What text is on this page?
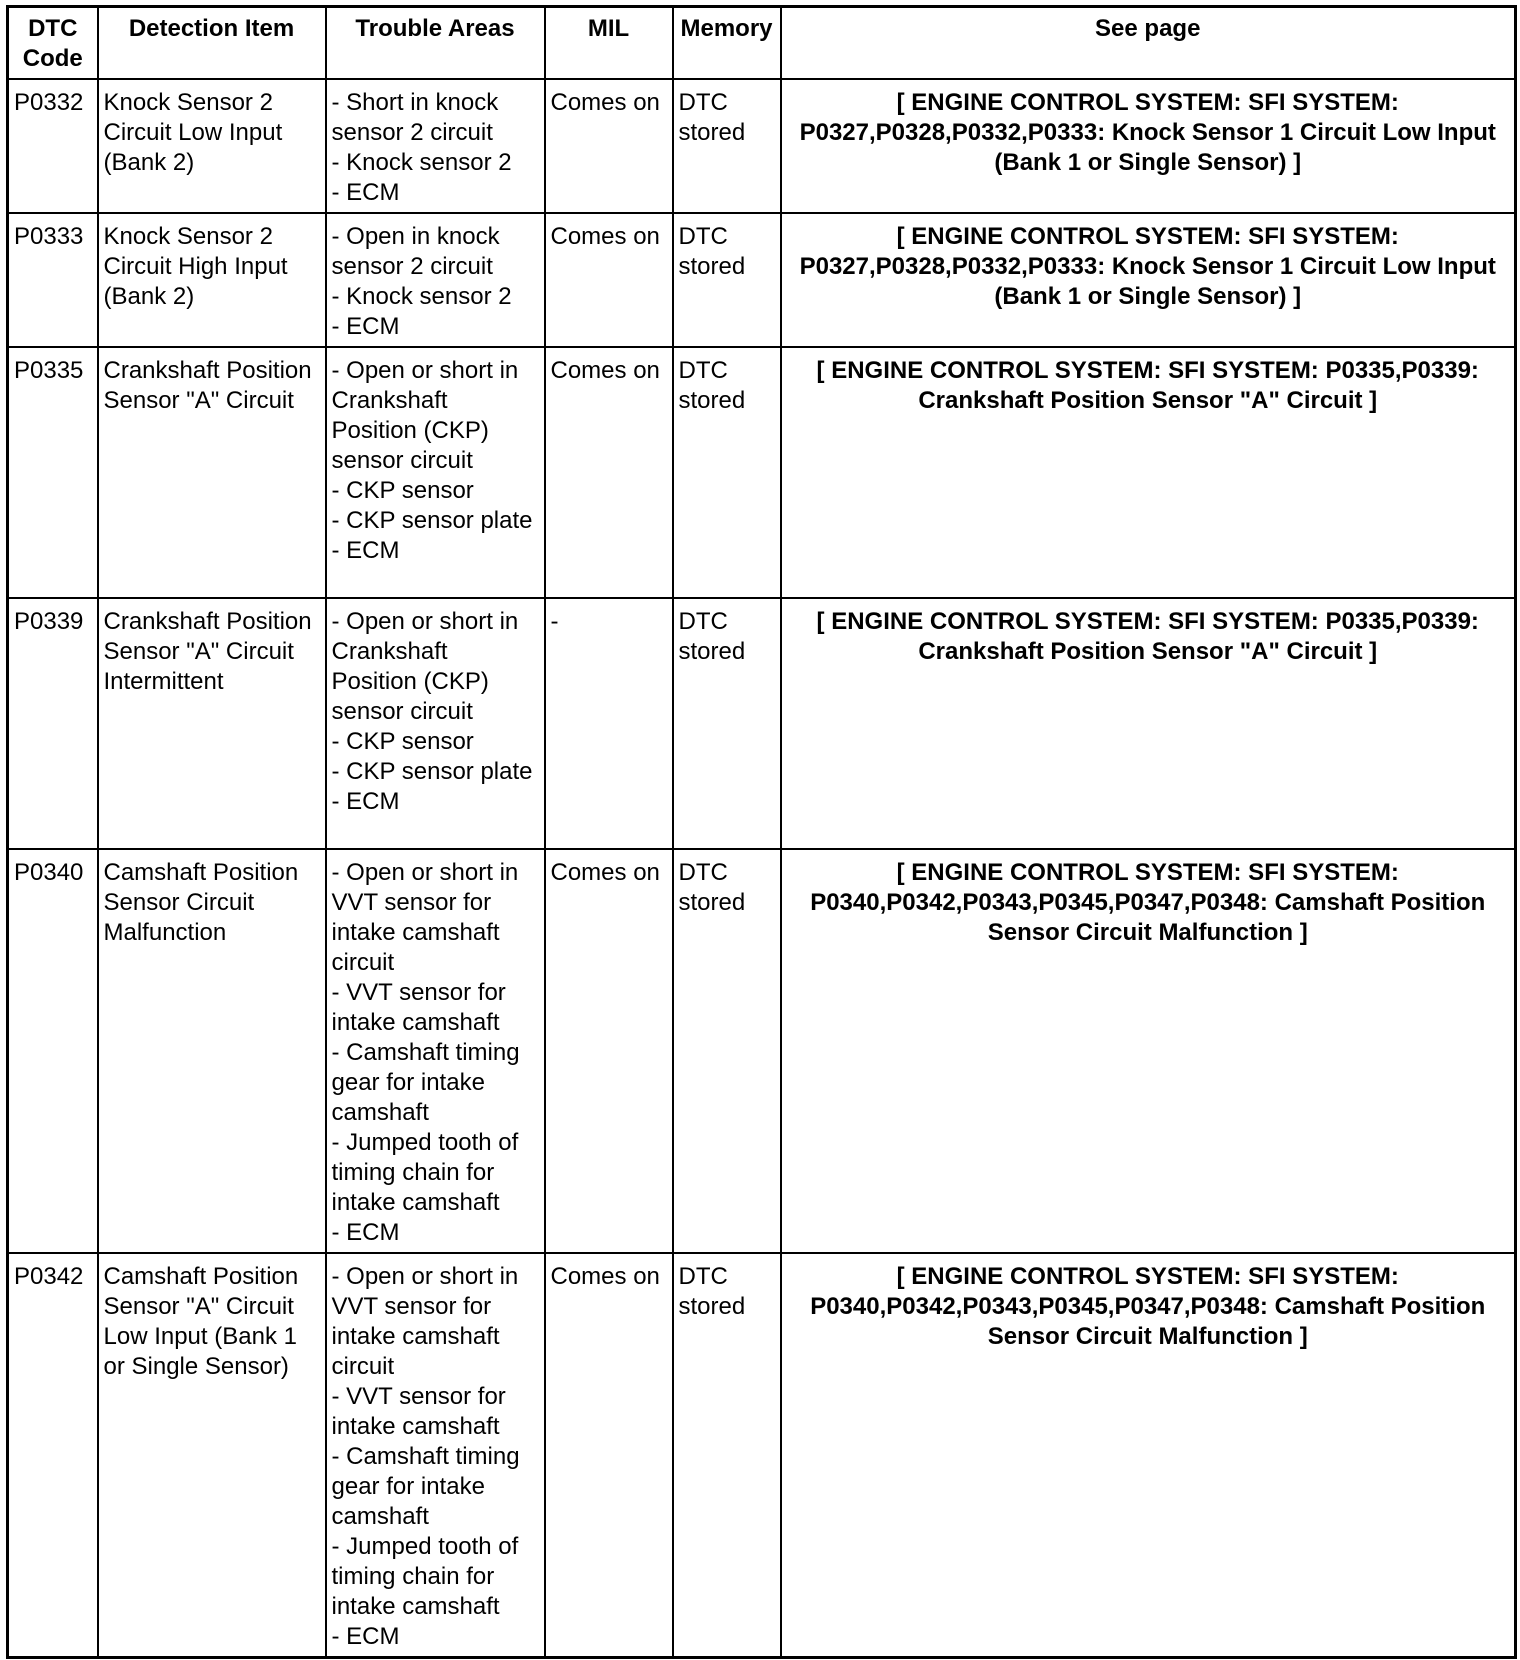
DTC
Code	Detection Item	Trouble Areas	MIL	Memory	See page
P0332	Knock Sensor 2 Circuit Low Input (Bank 2)	- Short in knock sensor 2 circuit
- Knock sensor 2
- ECM	Comes on	DTC stored	[ ENGINE CONTROL SYSTEM: SFI SYSTEM: P0327,P0328,P0332,P0333: Knock Sensor 1 Circuit Low Input (Bank 1 or Single Sensor) ]
P0333	Knock Sensor 2 Circuit High Input (Bank 2)	- Open in knock sensor 2 circuit
- Knock sensor 2
- ECM	Comes on	DTC stored	[ ENGINE CONTROL SYSTEM: SFI SYSTEM: P0327,P0328,P0332,P0333: Knock Sensor 1 Circuit Low Input (Bank 1 or Single Sensor) ]
P0335	Crankshaft Position Sensor "A" Circuit	- Open or short in Crankshaft Position (CKP) sensor circuit
- CKP sensor
- CKP sensor plate
- ECM	Comes on	DTC stored	[ ENGINE CONTROL SYSTEM: SFI SYSTEM: P0335,P0339: Crankshaft Position Sensor "A" Circuit ]
P0339	Crankshaft Position Sensor "A" Circuit Intermittent	- Open or short in Crankshaft Position (CKP) sensor circuit
- CKP sensor
- CKP sensor plate
- ECM	-	DTC stored	[ ENGINE CONTROL SYSTEM: SFI SYSTEM: P0335,P0339: Crankshaft Position Sensor "A" Circuit ]
P0340	Camshaft Position Sensor Circuit Malfunction	- Open or short in VVT sensor for intake camshaft circuit
- VVT sensor for intake camshaft
- Camshaft timing gear for intake camshaft
- Jumped tooth of timing chain for intake camshaft
- ECM	Comes on	DTC stored	[ ENGINE CONTROL SYSTEM: SFI SYSTEM: P0340,P0342,P0343,P0345,P0347,P0348: Camshaft Position Sensor Circuit Malfunction ]
P0342	Camshaft Position Sensor "A" Circuit Low Input (Bank 1 or Single Sensor)	- Open or short in VVT sensor for intake camshaft circuit
- VVT sensor for intake camshaft
- Camshaft timing gear for intake camshaft
- Jumped tooth of timing chain for intake camshaft
- ECM	Comes on	DTC stored	[ ENGINE CONTROL SYSTEM: SFI SYSTEM: P0340,P0342,P0343,P0345,P0347,P0348: Camshaft Position Sensor Circuit Malfunction ]
